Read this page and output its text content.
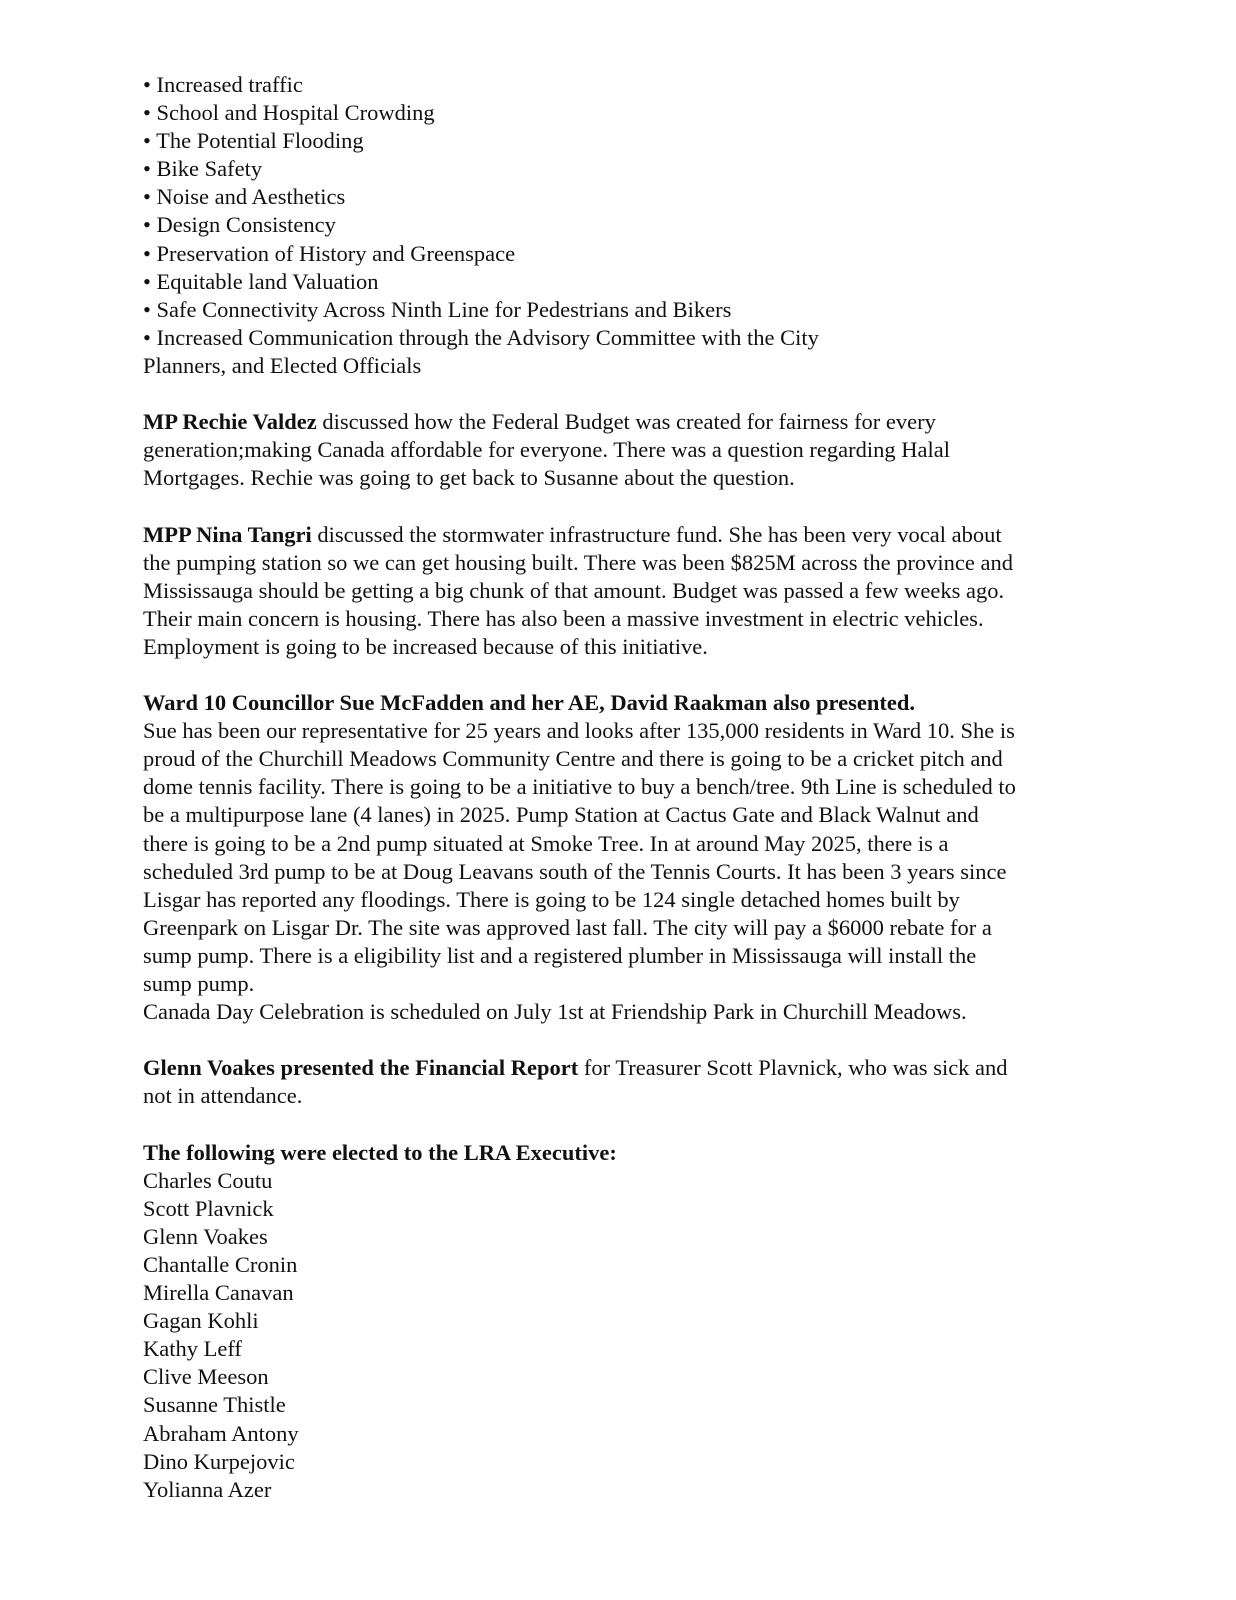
• Increased traffic
• School and Hospital Crowding
• The Potential Flooding
• Bike Safety
• Noise and Aesthetics
• Design Consistency
• Preservation of History and Greenspace
• Equitable land Valuation
• Safe Connectivity Across Ninth Line for Pedestrians and Bikers
• Increased Communication through the Advisory Committee with the City
Planners, and Elected Officials
MP Rechie Valdez discussed how the Federal Budget was created for fairness for every
generation;making Canada affordable for everyone. There was a question regarding Halal
Mortgages. Rechie was going to get back to Susanne about the question.
MPP Nina Tangri discussed the stormwater infrastructure fund. She has been very vocal about
the pumping station so we can get housing built. There was been $825M across the province and
Mississauga should be getting a big chunk of that amount. Budget was passed a few weeks ago.
Their main concern is housing. There has also been a massive investment in electric vehicles.
Employment is going to be increased because of this initiative.
Ward 10 Councillor Sue McFadden and her AE, David Raakman also presented.
Sue has been our representative for 25 years and looks after 135,000 residents in Ward 10. She is
proud of the Churchill Meadows Community Centre and there is going to be a cricket pitch and
dome tennis facility. There is going to be a initiative to buy a bench/tree. 9th Line is scheduled to
be a multipurpose lane (4 lanes) in 2025. Pump Station at Cactus Gate and Black Walnut and
there is going to be a 2nd pump situated at Smoke Tree. In at around May 2025, there is a
scheduled 3rd pump to be at Doug Leavans south of the Tennis Courts. It has been 3 years since
Lisgar has reported any floodings. There is going to be 124 single detached homes built by
Greenpark on Lisgar Dr. The site was approved last fall. The city will pay a $6000 rebate for a
sump pump. There is a eligibility list and a registered plumber in Mississauga will install the
sump pump.
Canada Day Celebration is scheduled on July 1st at Friendship Park in Churchill Meadows.
Glenn Voakes presented the Financial Report for Treasurer Scott Plavnick, who was sick and
not in attendance.
The following were elected to the LRA Executive:
Charles Coutu
Scott Plavnick
Glenn Voakes
Chantalle Cronin
Mirella Canavan
Gagan Kohli
Kathy Leff
Clive Meeson
Susanne Thistle
Abraham Antony
Dino Kurpejovic
Yolianna Azer
